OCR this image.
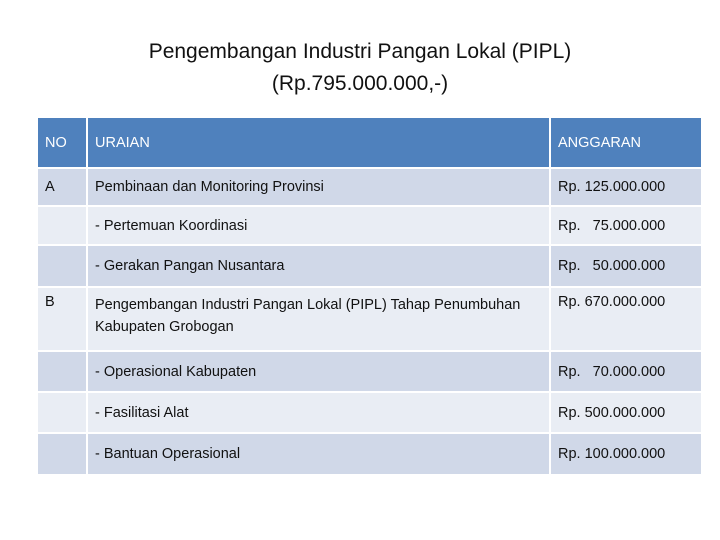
Pengembangan Industri Pangan Lokal (PIPL)
(Rp.795.000.000,-)
NO	URAIAN	ANGGARAN
A	Pembinaan dan Monitoring Provinsi	Rp. 125.000.000
	- Pertemuan Koordinasi	Rp.   75.000.000
	- Gerakan Pangan Nusantara	Rp.   50.000.000
B	Pengembangan Industri Pangan Lokal (PIPL) Tahap Penumbuhan Kabupaten Grobogan	Rp. 670.000.000
	- Operasional Kabupaten	Rp.   70.000.000
	- Fasilitasi Alat	Rp. 500.000.000
	- Bantuan Operasional	Rp. 100.000.000
